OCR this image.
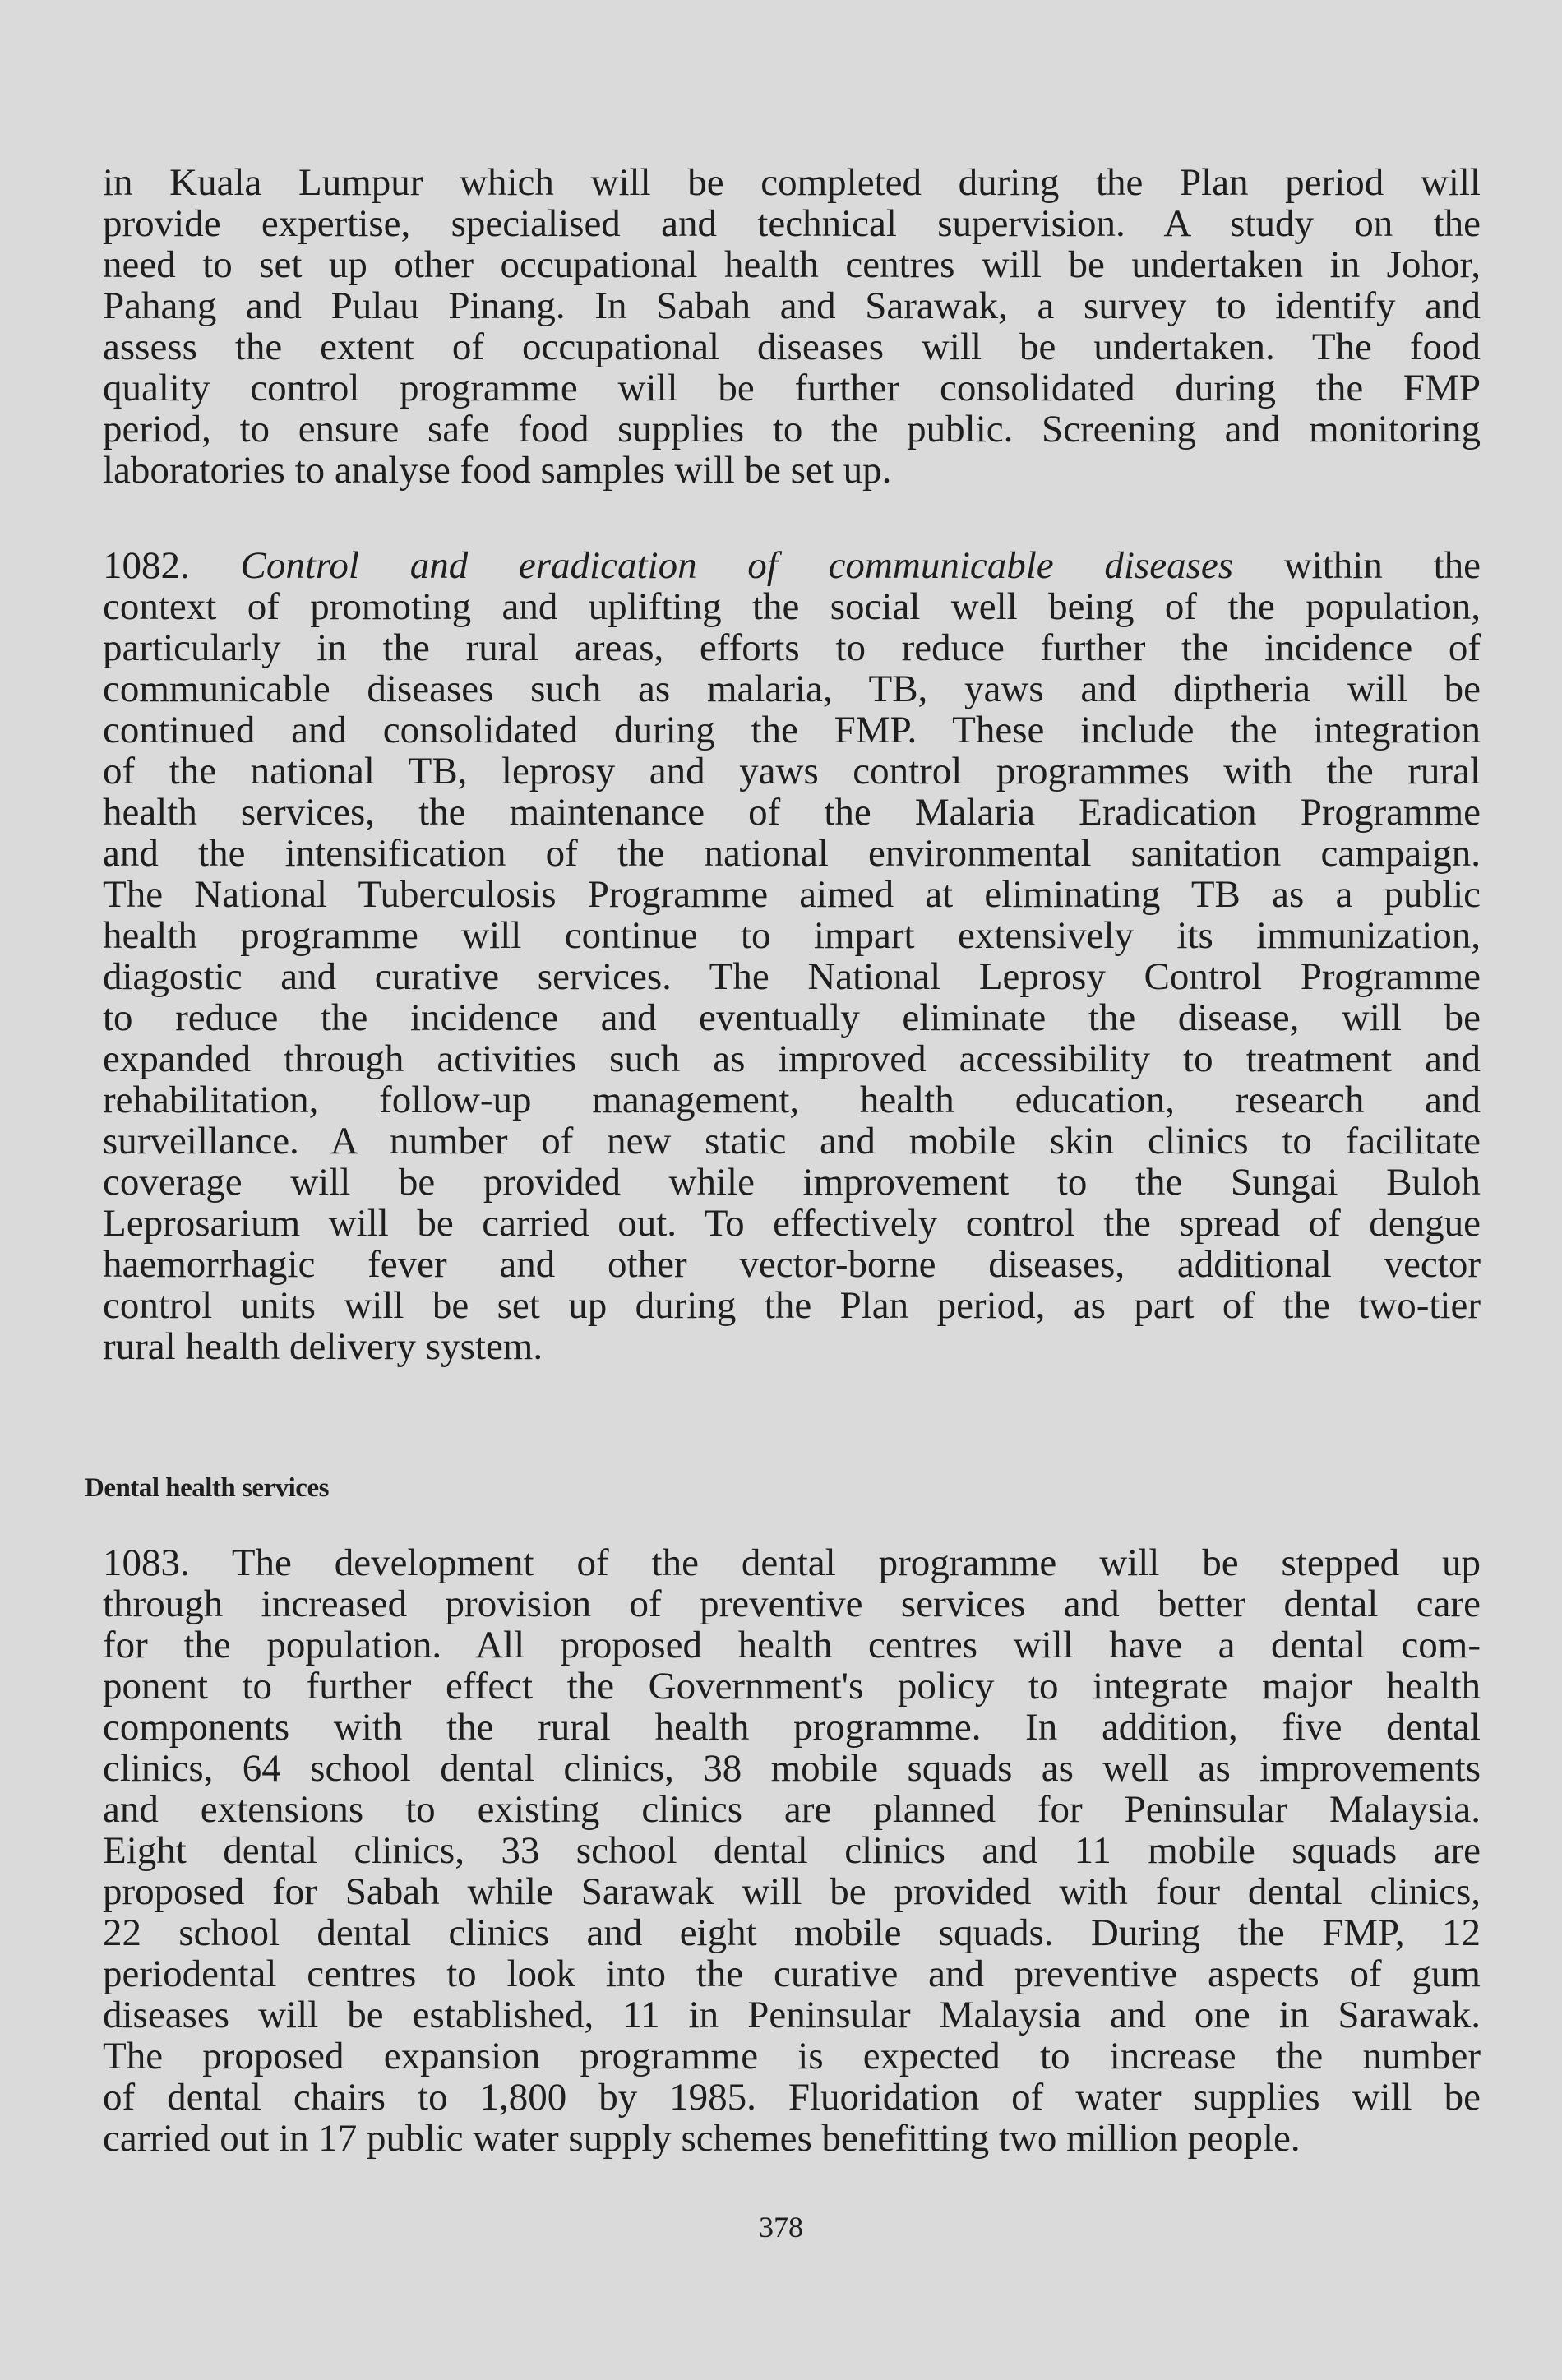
in Kuala Lumpur which will be completed during the Plan period will
provide expertise, specialised and technical supervision. A study on the
need to set up other occupational health centres will be undertaken in Johor,
Pahang and Pulau Pinang. In Sabah and Sarawak, a survey to identify and
assess the extent of occupational diseases will be undertaken. The food
quality control programme will be further consolidated during the FMP
period, to ensure safe food supplies to the public. Screening and monitoring
laboratories to analyse food samples will be set up.
1082. Control and eradication of communicable diseases within the
context of promoting and uplifting the social well being of the population,
particularly in the rural areas, efforts to reduce further the incidence of
communicable diseases such as malaria, TB, yaws and diptheria will be
continued and consolidated during the FMP. These include the integration
of the national TB, leprosy and yaws control programmes with the rural
health services, the maintenance of the Malaria Eradication Programme
and the intensification of the national environmental sanitation campaign.
The National Tuberculosis Programme aimed at eliminating TB as a public
health programme will continue to impart extensively its immunization,
diagostic and curative services. The National Leprosy Control Programme
to reduce the incidence and eventually eliminate the disease, will be
expanded through activities such as improved accessibility to treatment and
rehabilitation, follow-up management, health education, research and
surveillance. A number of new static and mobile skin clinics to facilitate
coverage will be provided while improvement to the Sungai Buloh
Leprosarium will be carried out. To effectively control the spread of dengue
haemorrhagic fever and other vector-borne diseases, additional vector
control units will be set up during the Plan period, as part of the two-tier
rural health delivery system.
Dental health services
1083. The development of the dental programme will be stepped up
through increased provision of preventive services and better dental care
for the population. All proposed health centres will have a dental com-
ponent to further effect the Government's policy to integrate major health
components with the rural health programme. In addition, five dental
clinics, 64 school dental clinics, 38 mobile squads as well as improvements
and extensions to existing clinics are planned for Peninsular Malaysia.
Eight dental clinics, 33 school dental clinics and 11 mobile squads are
proposed for Sabah while Sarawak will be provided with four dental clinics,
22 school dental clinics and eight mobile squads. During the FMP, 12
periodental centres to look into the curative and preventive aspects of gum
diseases will be established, 11 in Peninsular Malaysia and one in Sarawak.
The proposed expansion programme is expected to increase the number
of dental chairs to 1,800 by 1985. Fluoridation of water supplies will be
carried out in 17 public water supply schemes benefitting two million people.
378
